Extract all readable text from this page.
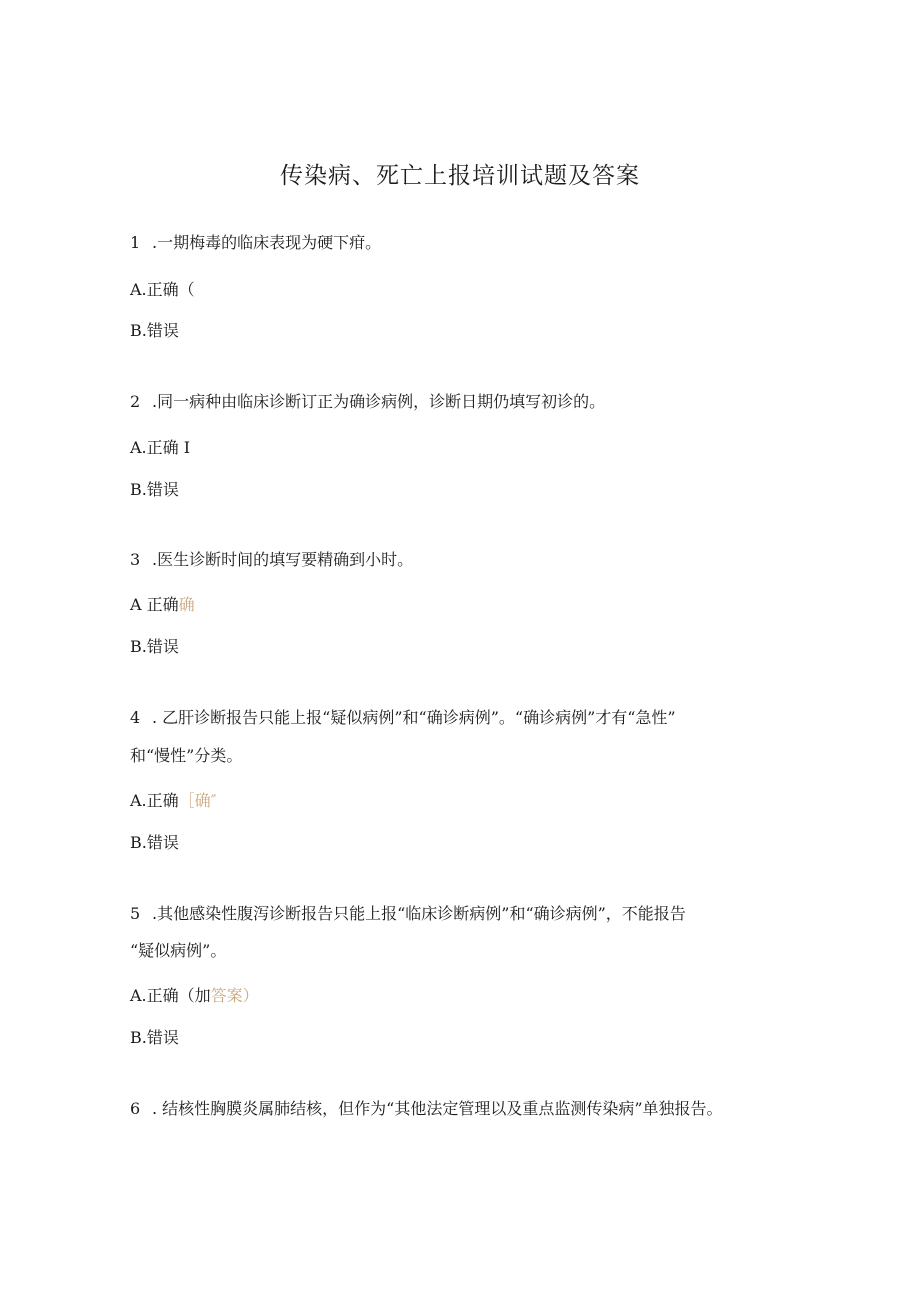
传染病、死亡上报培训试题及答案
1 .一期梅毒的临床表现为硬下疳。
A.正确（
B.错误
2 .同一病种由临床诊断订正为确诊病例，诊断日期仍填写初诊的。
A.正确 I
B.错误
3 .医生诊断时间的填写要精确到小时。
A 正确确
B.错误
4 . 乙肝诊断报告只能上报“疑似病例”和“确诊病例”。“确诊病例”才有“急性”
和“慢性”分类。
A.正确［确″
B.错误
5 .其他感染性腹泻诊断报告只能上报“临床诊断病例”和“确诊病例”，不能报告
“疑似病例”。
A.正确（加答案）
B.错误
6 . 结核性胸膜炎属肺结核，但作为“其他法定管理以及重点监测传染病”单独报告。
